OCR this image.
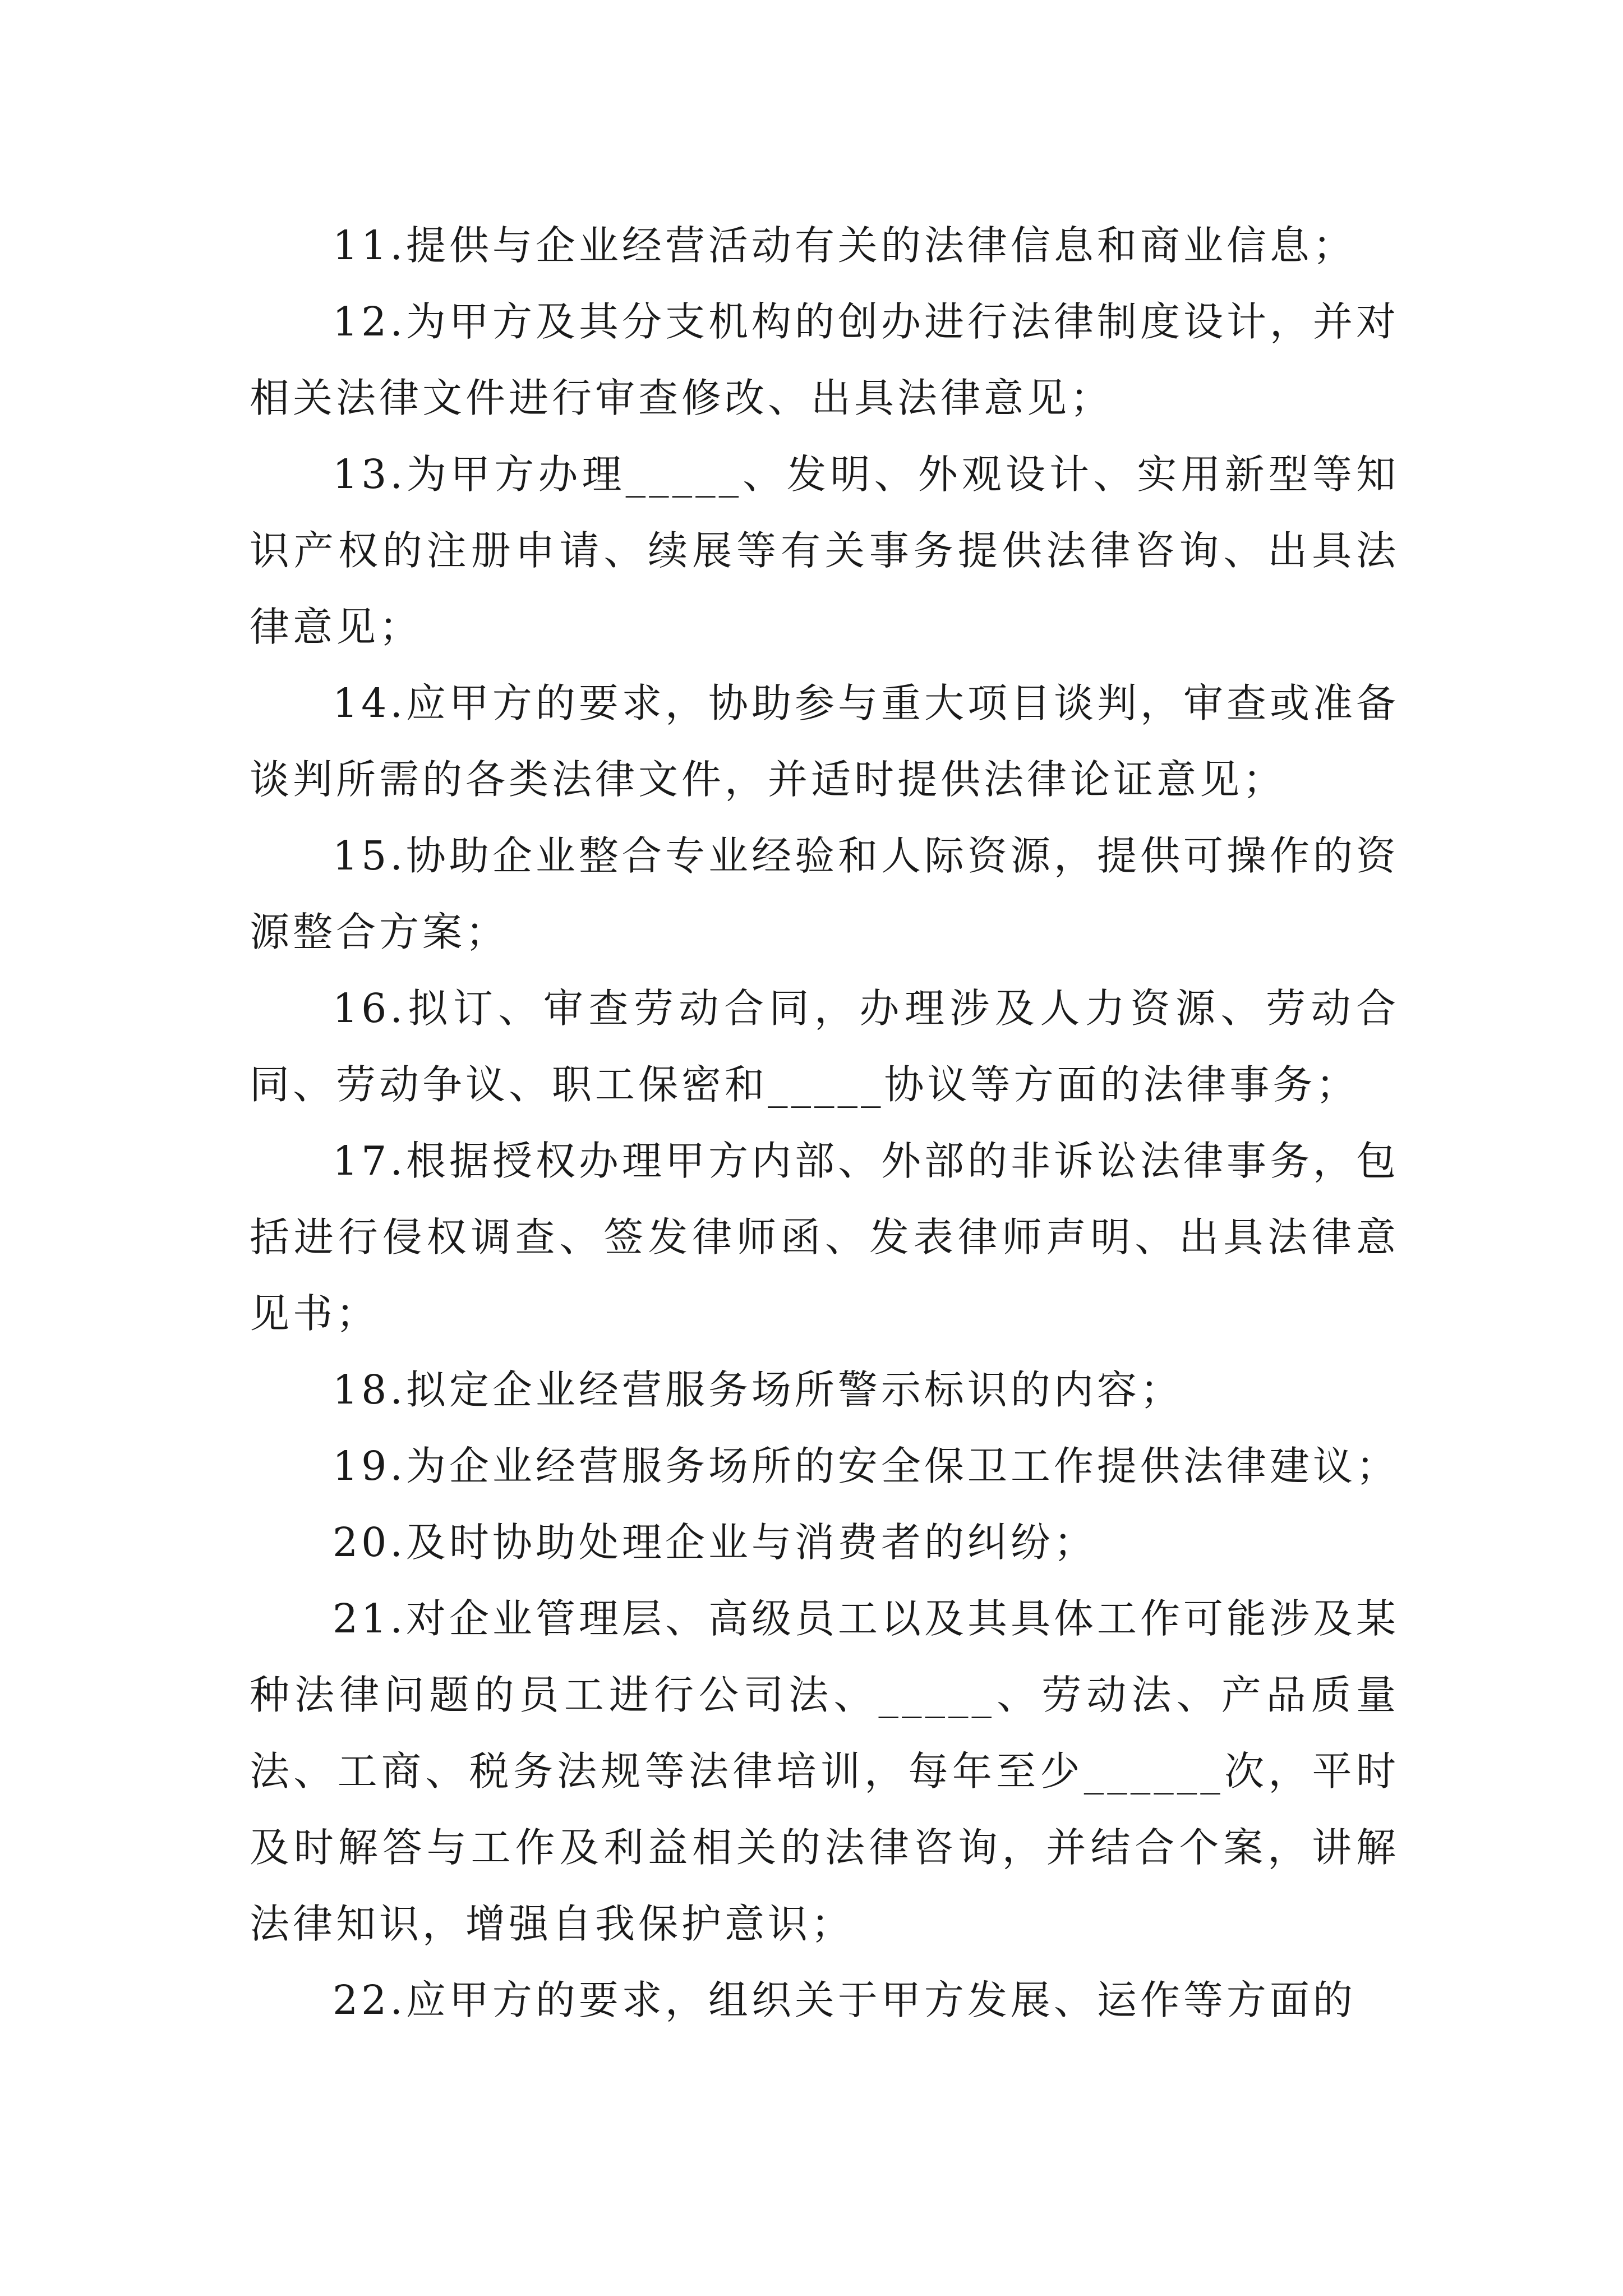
11.提供与企业经营活动有关的法律信息和商业信息；

12.为甲方及其分支机构的创办进行法律制度设计，并对相关法律文件进行审查修改、出具法律意见；

13.为甲方办理_____、发明、外观设计、实用新型等知识产权的注册申请、续展等有关事务提供法律咨询、出具法律意见；

14.应甲方的要求，协助参与重大项目谈判，审查或准备谈判所需的各类法律文件，并适时提供法律论证意见；

15.协助企业整合专业经验和人际资源，提供可操作的资源整合方案；

16.拟订、审查劳动合同，办理涉及人力资源、劳动合同、劳动争议、职工保密和_____协议等方面的法律事务；

17.根据授权办理甲方内部、外部的非诉讼法律事务，包括进行侵权调查、签发律师函、发表律师声明、出具法律意见书；

18.拟定企业经营服务场所警示标识的内容；

19.为企业经营服务场所的安全保卫工作提供法律建议；

20.及时协助处理企业与消费者的纠纷；

21.对企业管理层、高级员工以及其具体工作可能涉及某种法律问题的员工进行公司法、_____、劳动法、产品质量法、工商、税务法规等法律培训，每年至少______次，平时及时解答与工作及利益相关的法律咨询，并结合个案，讲解法律知识，增强自我保护意识；

22.应甲方的要求，组织关于甲方发展、运作等方面的
